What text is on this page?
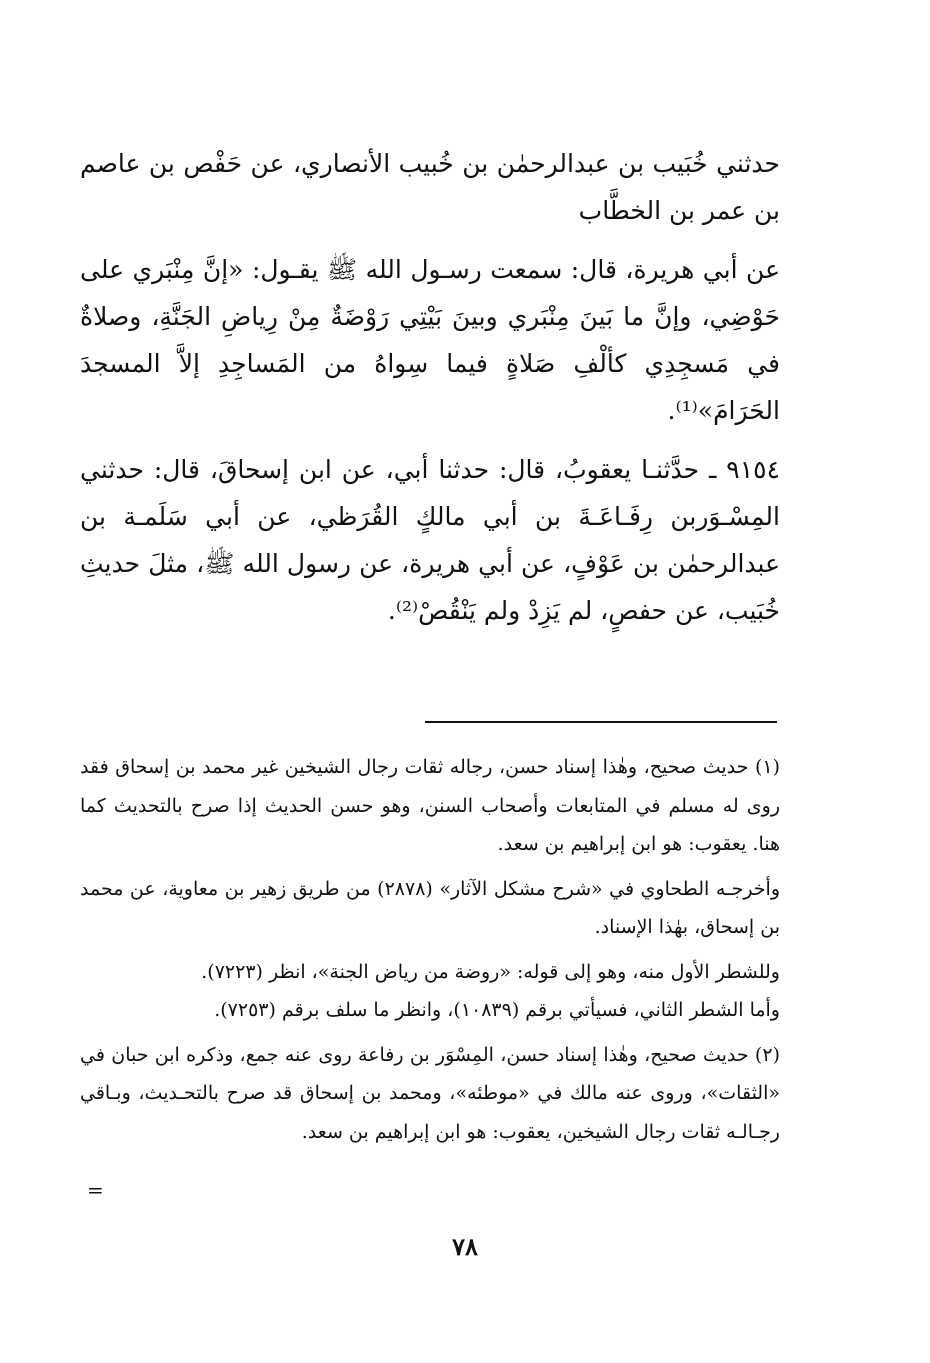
حدثني خُبَيب بن عبدالرحمٰن بن خُبيب الأنصاري، عن حَفْص بن عاصم بن عمر بن الخطَّاب

عن أبي هريرة، قال: سمعت رسـول الله ﷺ يقـول: «إنَّ مِنْبَري على حَوْضِي، وإنَّ ما بَينَ مِنْبَري وبينَ بَيْتِي رَوْضَةٌ مِنْ رِياضِ الجَنَّةِ، وصلاةٌ في مَسجِدِي كألْفِ صَلاةٍ فيما سِواهُ من المَساجِدِ إلاَّ المسجدَ الحَرَامَ»⁽¹⁾.

٩١٥٤ ـ حدَّثنـا يعقوبُ، قال: حدثنا أبي، عن ابن إسحاقَ، قال: حدثني المِسْـوَربن رِفَـاعَـةَ بن أبي مالكٍ القُرَظي، عن أبي سَلَمـة بن عبدالرحمٰن بن عَوْفٍ، عن أبي هريرة، عن رسول الله ﷺ، مثلَ حديثِ خُبَيب، عن حفصٍ، لم يَزِدْ ولم يَنْقُصْ⁽²⁾.

(١) حديث صحيح، وهٰذا إسناد حسن، رجاله ثقات رجال الشيخين غير محمد بن إسحاق فقد روى له مسلم في المتابعات وأصحاب السنن، وهو حسن الحديث إذا صرح بالتحديث كما هنا. يعقوب: هو ابن إبراهيم بن سعد.

وأخرجـه الطحاوي في «شرح مشكل الآثار» (٢٨٧٨) من طريق زهير بن معاوية، عن محمد بن إسحاق، بهٰذا الإسناد.

وللشطر الأول منه، وهو إلى قوله: «روضة من رياض الجنة»، انظر (٧٢٢٣).

وأما الشطر الثاني، فسيأتي برقم (١٠٨٣٩)، وانظر ما سلف برقم (٧٢٥٣).

(٢) حديث صحيح، وهٰذا إسناد حسن، المِسْوَر بن رفاعة روى عنه جمع، وذكره ابن حبان في «الثقات»، وروى عنه مالك في «موطئه»، ومحمد بن إسحاق قد صرح بالتحـديث، وبـاقي رجـالـه ثقات رجال الشيخين، يعقوب: هو ابن إبراهيم بن سعد.

=
٧٨
